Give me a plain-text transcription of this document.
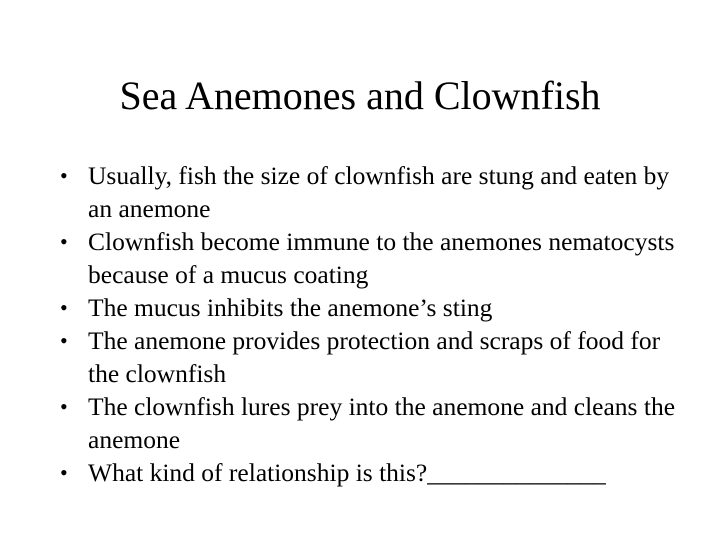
Sea Anemones and Clownfish
• Usually, fish the size of clownfish are stung and eaten by an anemone
• Clownfish become immune to the anemones nematocysts because of a mucus coating
• The mucus inhibits the anemone’s sting
• The anemone provides protection and scraps of food for the clownfish
• The clownfish lures prey into the anemone and cleans the anemone
• What kind of relationship is this?______________
